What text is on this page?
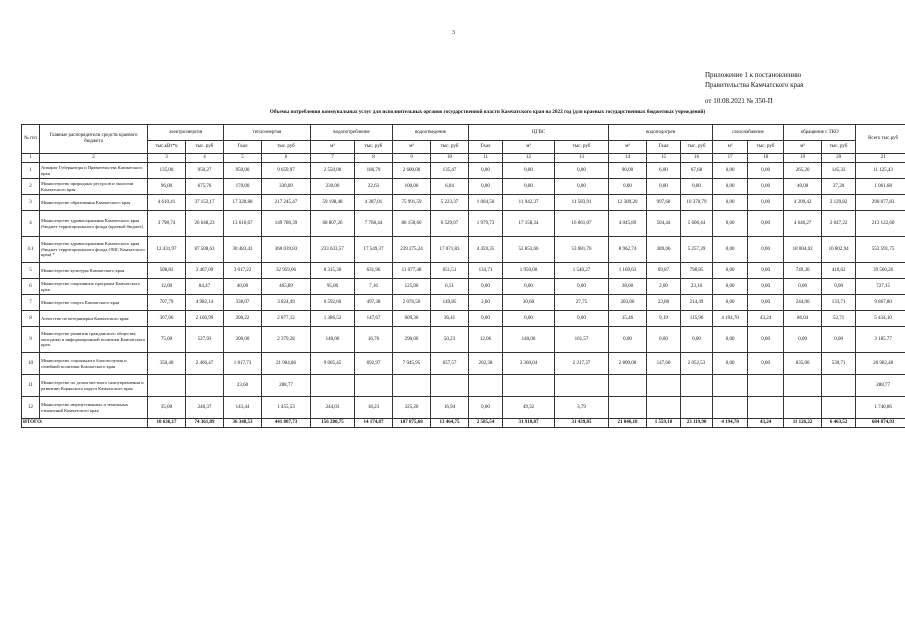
3
Приложение 1 к постановлению
Правительства Камчатского края
от 10.08.2021 № 350-П
Объемы потребления коммунальных услуг для исполнительных органов государственной власти Камчатского края на 2022 год (для краевых государственных бюджетных учреждений)
№ п/п	Главные распорядители средств краевого бюджета	электроэнергия		теплоэнергия		водопотребление		водоотведение		ЦГВС			водоподогрев			газоснабжение		обращение с ТКО		Всего тыс.руб
		тыс.кВт*ч	тыс. руб	Гкал	тыс. руб	м³	тыс. руб	м³	тыс. руб	Гкал	м³	тыс. руб	м³	Гкал	тыс. руб	м³	тыс. руб	м³	тыс. руб	
1	2	3	4	5	6	7	8	9	10	11	12	13	14	15	16	17	18	19	20	21
1	Аппарат Губернатора и Правительства Камчатского края	135,00	950,27	950,00	9 659,97	2 550,00	186,79	2 600,00	135,47	0,00	0,00	0,00	90,00	6,00	67,68	0,00	0,00	265,20	145,32	11 125,43
2	Министерство природных ресурсов и экологии Камчатского края	96,00	675,76	170,00	330,09	230,00	22,63	100,00	6,04	0,00	0,00	0,00	0,00	0,00	0,00	0,00	0,00	40,00	27,20	1 061,68
3	Министерство образования Камчатского края	4 610,41	37 152,17	17 328,88	217 245,47	59 198,48	4 387,01	75 991,59	5 223,37	1 004,50	11 942,37	11 583,91	12 389,20	997,60	10 370,79	0,00	0,00	4 209,42	2 129,82	290 077,83
4	Министерство здравоохранения Камчатского края (бюджет территориального фонда (краевой бюджет)	3 798,74	26 648,23	13 610,67	149 780,39	68 807,26	7 768,44	86 150,60	6 529,07	1 979,73	17 158,34	16 061,07	4 045,89	504,44	5 606,44	0,00	0,00	4 646,27	2 047,22	213 122,60
4.1	Министерство здравоохранения Камчатского края (бюджет территориального фонда ОМС Камчатского края) *	12 431,97	87 508,63	30 483,43	360 039,83	233 633,57	17 549,37	239 275,24	17 071,83	4 459,35	52 853,66	53 081,76	8 962,74	389,06	5 257,39	0,00	0,00	18 004,02	10 802,94	552 591,75
5	Министерство культуры Камчатского края	508,83	3 467,09	3 017,22	32 959,06	8 315,30	631,96	11 077,48	651,51	134,71	1 950,00	1 540,27	1 169,63	69,87	798,85	0,00	0,00	749,30	410,62	39 560,26
6	Министерство спортивных программ Камчатского края	12,00	84,47	40,00	465,89	95,00	7,16	125,00	6,51	0,00	0,00	0,00	38,00	2,00	23,16	0,00	0,00	0,00	0,00	727,15
7	Министерство спорта Камчатского края	707,79	4 982,14	338,07	3 824,49	6 592,60	497,38	2 076,50	149,85	2,60	30,60	27,75	283,00	23,80	214,49	0,00	0,00	244,00	133,71	9 867,80
8	Агентство по ветеринарии Камчатского края	307,06	2 160,99	200,22	2 877,12	1 386,53	147,67	609,30	36,41	0,00	0,00	0,00	15,46	9,19	115,96	4 194,70	43,24	86,04	52,71	5 434,10
9	Министерство развития гражданского общества, молодежи и информационной политики Камчатского края	75,00	527,93	200,00	2 379,28	140,00	16,76	290,00	50,23	12,06	140,06	161,57	0,00	0,00	0,00	0,00	0,00	0,00	0,00	3 185,77
10	Министерство социального благополучия и семейной политики Камчатского края	350,40	2 466,47	1 817,73	21 904,86	9 005,45	692,97	7 945,95	657,57	202,38	3 360,04	2 217,37	2 800,00	147,60	2 052,53	0,00	0,00	835,00	530,71	28 902,48
11	Министерство по делам местного самоуправления и развитию Корякского округа Камчатского края			23,60	288,77															288,77
12	Министерство имущественных и земельных отношений Камчатского края	35,00	246,37	143,44	1 455,53	244,03	18,23	325,20	16,94	0,00	49,32	3,79								1 740,86
ИТОГО:		10 636,17	74 361,89	36 348,53	441 807,73	156 280,75	14 174,87	187 875,68	13 464,75	2 585,54	31 910,07	31 439,05	21 046,18	1 559,10	23 119,90	4 194,70	43,24	11 126,22	6 463,52	684 874,93
